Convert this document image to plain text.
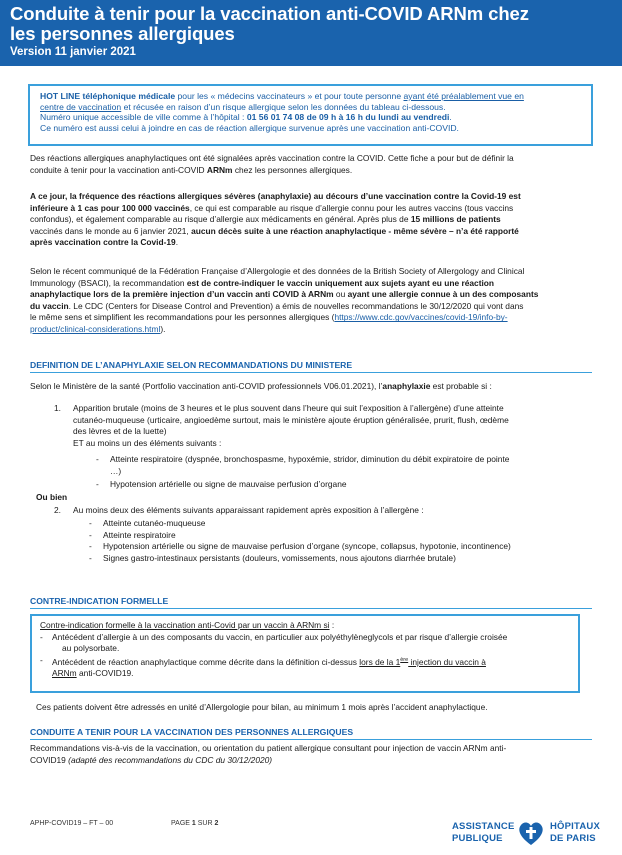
Conduite à tenir pour la vaccination anti-COVID ARNm chez
les personnes allergiques
Version 11 janvier 2021
HOT LINE téléphonique médicale pour les « médecins vaccinateurs » et pour toute personne ayant été préalablement vue en
centre de vaccination et récusée en raison d’un risque allergique selon les données du tableau ci-dessous.
Numéro unique accessible de ville comme à l’hôpital : 01 56 01 74 08 de 09 h à 16 h du lundi au vendredi.
Ce numéro est aussi celui à joindre en cas de réaction allergique survenue après une vaccination anti-COVID.
Des réactions allergiques anaphylactiques ont été signalées après vaccination contre la COVID. Cette fiche a pour but de définir la
conduite à tenir pour la vaccination anti-COVID ARNm chez les personnes allergiques.
A ce jour, la fréquence des réactions allergiques sévères (anaphylaxie) au décours d’une vaccination contre la Covid-19 est
inférieure à 1 cas pour 100 000 vaccinés, ce qui est comparable au risque d’allergie connu pour les autres vaccins (tous vaccins
confondus), et également comparable au risque d’allergie aux médicaments en général. Après plus de 15 millions de patients
vaccinés dans le monde au 6 janvier 2021, aucun décès suite à une réaction anaphylactique - même sévère – n’a été rapporté
après vaccination contre la Covid-19.
Selon le récent communiqué de la Fédération Française d’Allergologie et des données de la British Society of Allergology and Clinical
Immunology (BSACI), la recommandation est de contre-indiquer le vaccin uniquement aux sujets ayant eu une réaction
anaphylactique lors de la première injection d’un vaccin anti COVID à ARNm ou ayant une allergie connue à un des composants
du vaccin. Le CDC (Centers for Disease Control and Prevention) a émis de nouvelles recommandations le 30/12/2020 qui vont dans
le même sens et simplifient les recommandations pour les personnes allergiques (https://www.cdc.gov/vaccines/covid-19/info-by-
product/clinical-considerations.html).
DEFINITION DE L’ANAPHYLAXIE SELON RECOMMANDATIONS DU MINISTERE
Selon le Ministère de la santé (Portfolio vaccination anti-COVID professionnels V06.01.2021), l’anaphylaxie est probable si :
1. Apparition brutale (moins de 3 heures et le plus souvent dans l’heure qui suit l’exposition à l’allergène) d’une atteinte
cutanéo-muqueuse (urticaire, angioedème surtout, mais le ministère ajoute éruption généralisée, prurit, flush, œdème
des lèvres et de la luette)
ET au moins un des éléments suivants :
- Atteinte respiratoire (dyspnée, bronchospasme, hypoxémie, stridor, diminution du débit expiratoire de pointe
…)
- Hypotension artérielle ou signe de mauvaise perfusion d’organe
Ou bien
2. Au moins deux des éléments suivants apparaissant rapidement après exposition à l’allergène :
-
-
-
-
Atteinte cutanéo-muqueuse
Atteinte respiratoire
Hypotension artérielle ou signe de mauvaise perfusion d’organe (syncope, collapsus, hypotonie, incontinence)
Signes gastro-intestinaux persistants (douleurs, vomissements, nous ajoutons diarrhée brutale)
CONTRE-INDICATION FORMELLE
Contre-indication formelle à la vaccination anti-Covid par un vaccin à ARNm si :
-	Antécédent d’allergie à un des composants du vaccin, en particulier aux polyéthylèneglycols et par risque d’allergie croisée
au polysorbate.
-	Antécédent de réaction anaphylactique comme décrite dans la définition ci-dessus lors de la 1ère injection du vaccin à
ARNm anti-COVID19.
Ces patients doivent être adressés en unité d’Allergologie pour bilan, au minimum 1 mois après l’accident anaphylactique.
CONDUITE A TENIR POUR LA VACCINATION DES PERSONNES ALLERGIQUES
Recommandations vis-à-vis de la vaccination, ou orientation du patient allergique consultant pour injection de vaccin ARNm anti-
COVID19 (adapté des recommandations du CDC du 30/12/2020)
APHP-COVID19 – FT – 00	PAGE 1 SUR 2	ASSISTANCE
PUBLIQUE
HÔPITAUX
DE PARIS
